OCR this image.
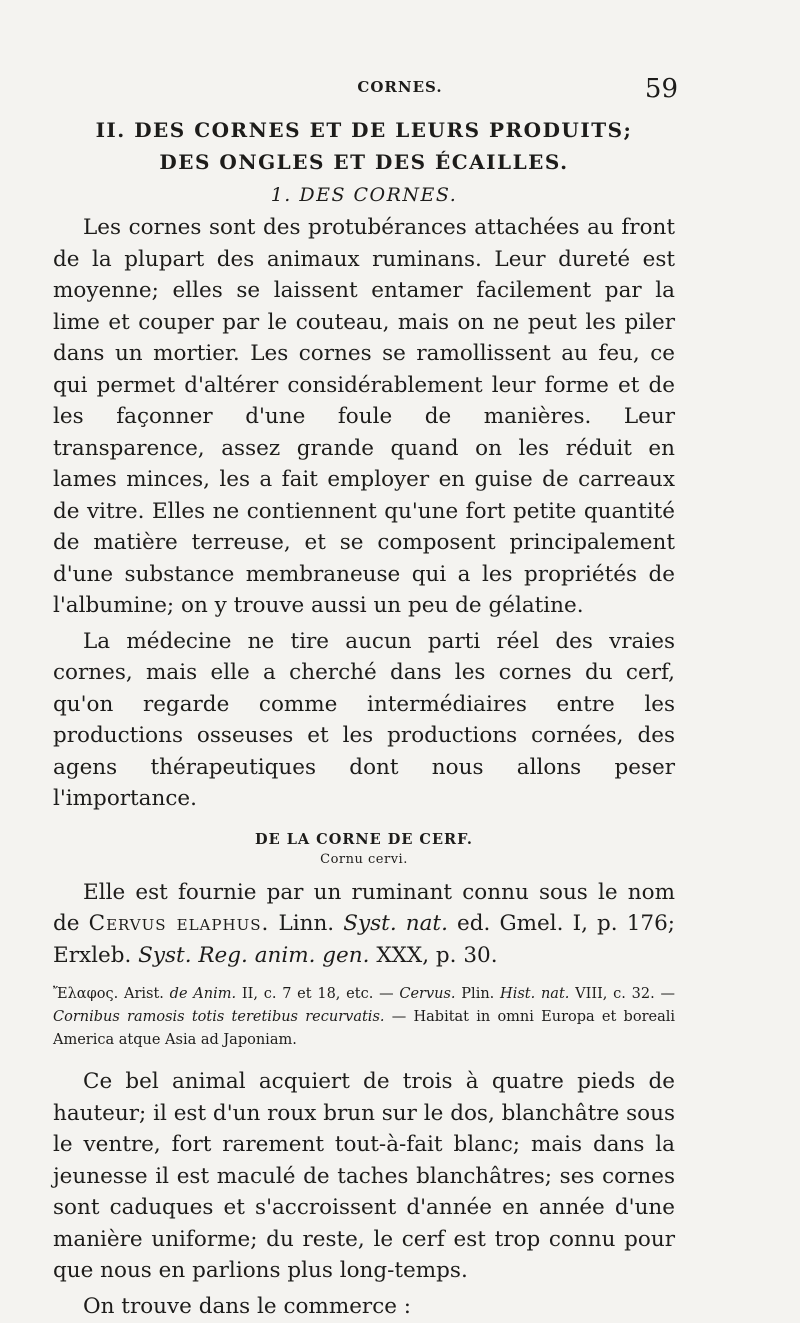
CORNES.	59
II. DES CORNES ET DE LEURS PRODUITS;
DES ONGLES ET DES ÉCAILLES.
1. DES CORNES.

Les cornes sont des protubérances attachées au front de la plupart des animaux ruminans. Leur dureté est moyenne; elles se laissent entamer facilement par la lime et couper par le couteau, mais on ne peut les piler dans un mortier. Les cornes se ramollissent au feu, ce qui permet d'altérer considérablement leur forme et de les façonner d'une foule de manières. Leur transparence, assez grande quand on les réduit en lames minces, les a fait employer en guise de carreaux de vitre. Elles ne contiennent qu'une fort petite quantité de matière terreuse, et se composent principalement d'une substance membraneuse qui a les propriétés de l'albumine; on y trouve aussi un peu de gélatine.

La médecine ne tire aucun parti réel des vraies cornes, mais elle a cherché dans les cornes du cerf, qu'on regarde comme intermédiaires entre les productions osseuses et les productions cornées, des agens thérapeutiques dont nous allons peser l'importance.

DE LA CORNE DE CERF.
Cornu cervi.

Elle est fournie par un ruminant connu sous le nom de Cervus elaphus. Linn. Syst. nat. ed. Gmel. I, p. 176; Erxleb. Syst. Reg. anim. gen. XXX, p. 30.

Ἔλαφος. Arist. de Anim. II, c. 7 et 18, etc. — Cervus. Plin. Hist. nat. VIII, c. 32. — Cornibus ramosis totis teretibus recurvatis. — Habitat in omni Europa et boreali America atque Asia ad Japoniam.

Ce bel animal acquiert de trois à quatre pieds de hauteur; il est d'un roux brun sur le dos, blanchâtre sous le ventre, fort rarement tout-à-fait blanc; mais dans la jeunesse il est maculé de taches blanchâtres; ses cornes sont caduques et s'accroissent d'année en année d'une manière uniforme; du reste, le cerf est trop connu pour que nous en parlions plus long-temps.

On trouve dans le commerce :
